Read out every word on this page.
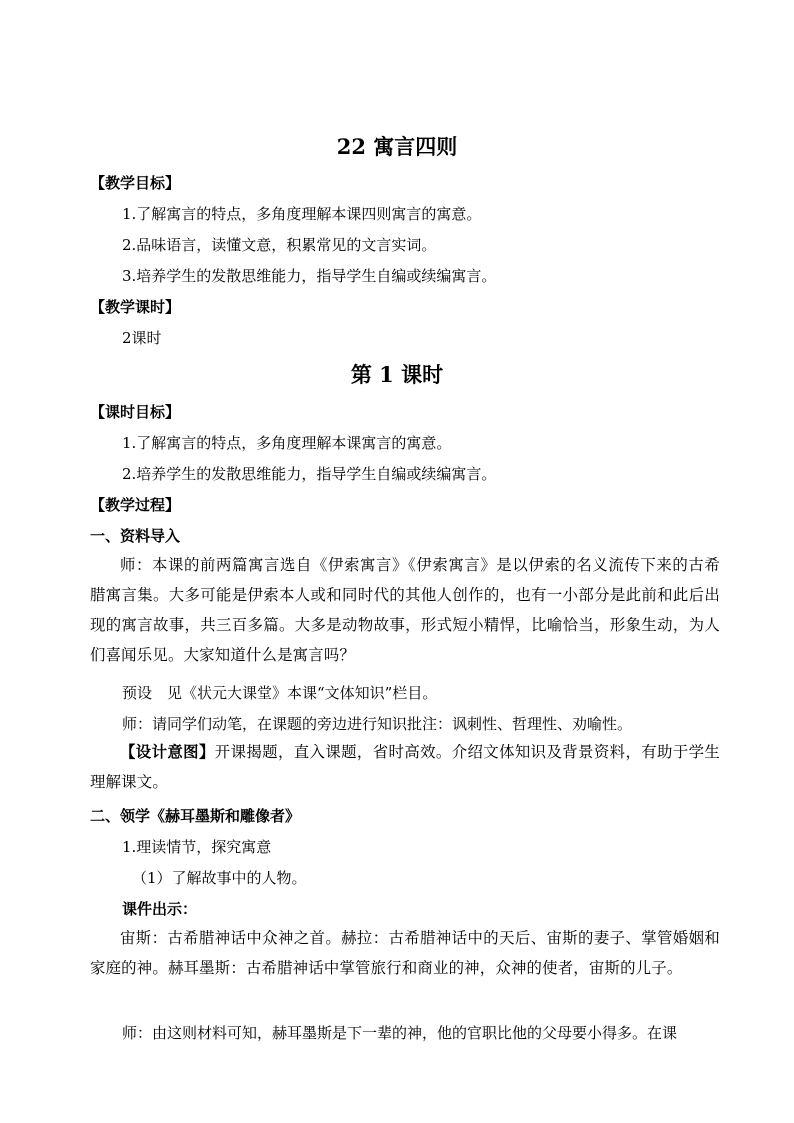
22 寓言四则
【教学目标】
1.了解寓言的特点，多角度理解本课四则寓言的寓意。
2.品味语言，读懂文意，积累常见的文言实词。
3.培养学生的发散思维能力，指导学生自编或续编寓言。
【教学课时】
2课时
第 1 课时
【课时目标】
1.了解寓言的特点，多角度理解本课寓言的寓意。
2.培养学生的发散思维能力，指导学生自编或续编寓言。
【教学过程】
一、资料导入
师：本课的前两篇寓言选自《伊索寓言》《伊索寓言》是以伊索的名义流传下来的古希腊寓言集。大多可能是伊索本人或和同时代的其他人创作的，也有一小部分是此前和此后出现的寓言故事，共三百多篇。大多是动物故事，形式短小精悍，比喻恰当，形象生动，为人们喜闻乐见。大家知道什么是寓言吗？
预设　见《状元大课堂》本课“文体知识”栏目。
师：请同学们动笔，在课题的旁边进行知识批注：讽刺性、哲理性、劝喻性。
【设计意图】开课揭题，直入课题，省时高效。介绍文体知识及背景资料，有助于学生理解课文。
二、领学《赫耳墨斯和雕像者》
1.理读情节，探究寓意
（1）了解故事中的人物。
课件出示：
宙斯：古希腊神话中众神之首。赫拉：古希腊神话中的天后、宙斯的妻子、掌管婚姻和家庭的神。赫耳墨斯：古希腊神话中掌管旅行和商业的神，众神的使者，宙斯的儿子。
师：由这则材料可知，赫耳墨斯是下一辈的神，他的官职比他的父母要小得多。在课
